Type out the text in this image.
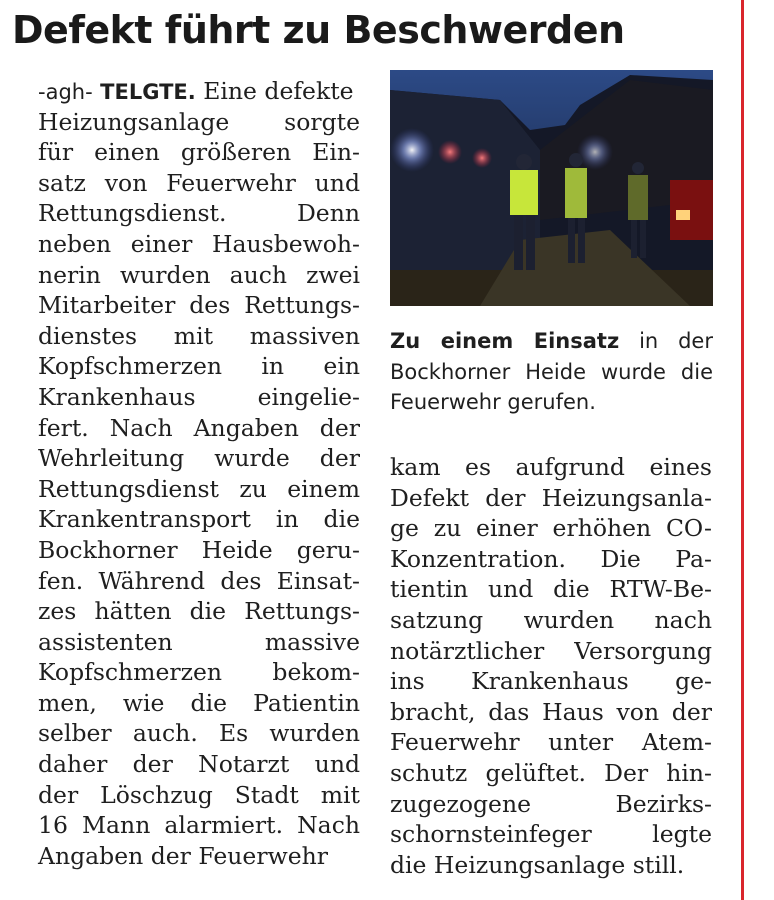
Defekt führt zu Beschwerden
-agh- TELGTE. Eine defekte
Heizungsanlage sorgte
für einen größeren Ein-
satz von Feuerwehr und
Rettungsdienst. Denn
neben einer Hausbewoh-
nerin wurden auch zwei
Mitarbeiter des Rettungs-
dienstes mit massiven
Kopfschmerzen in ein
Krankenhaus eingelie-
fert. Nach Angaben der
Wehrleitung wurde der
Rettungsdienst zu einem
Krankentransport in die
Bockhorner Heide geru-
fen. Während des Einsat-
zes hätten die Rettungs-
assistenten massive
Kopfschmerzen bekom-
men, wie die Patientin
selber auch. Es wurden
daher der Notarzt und
der Löschzug Stadt mit
16 Mann alarmiert. Nach
Angaben der Feuerwehr
Zu einem Einsatz in der
Bockhorner Heide wurde die
Feuerwehr gerufen.
kam es aufgrund eines
Defekt der Heizungsanla-
ge zu einer erhöhen CO-
Konzentration. Die Pa-
tientin und die RTW-Be-
satzung wurden nach
notärztlicher Versorgung
ins Krankenhaus ge-
bracht, das Haus von der
Feuerwehr unter Atem-
schutz gelüftet. Der hin-
zugezogene Bezirks-
schornsteinfeger legte
die Heizungsanlage still.
